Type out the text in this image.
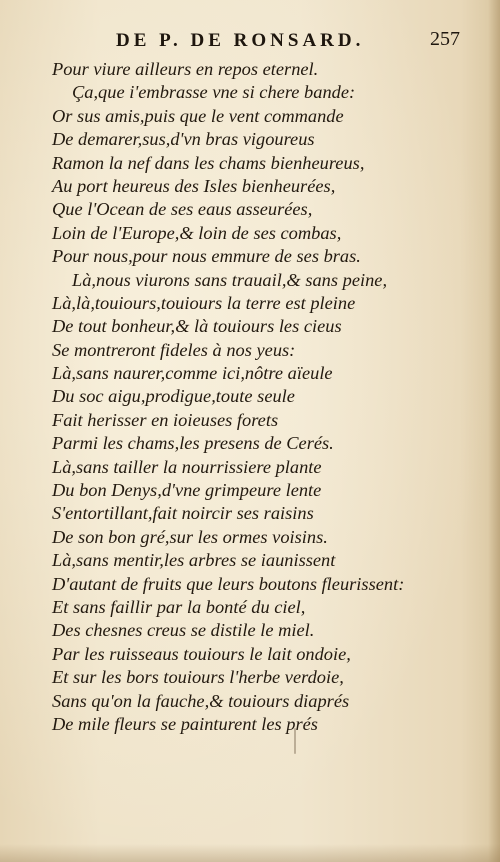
DE P. DE RONSARD.	257
Pour viure ailleurs en repos eternel.
Ça,que i'embrasse vne si chere bande:
Or sus amis,puis que le vent commande
De demarer,sus,d'vn bras vigoureus
Ramon la nef dans les chams bienheureus,
Au port heureus des Isles bienheurées,
Que l'Ocean de ses eaus asseurées,
Loin de l'Europe,& loin de ses combas,
Pour nous,pour nous emmure de ses bras.
Là,nous viurons sans trauail,& sans peine,
Là,là,touiours,touiours la terre est pleine
De tout bonheur,& là touiours les cieus
Se montreront fideles à nos yeus:
Là,sans naurer,comme ici,nôtre aïeule
Du soc aigu,prodigue,toute seule
Fait herisser en ioieuses forets
Parmi les chams,les presens de Cerés.
Là,sans tailler la nourrissiere plante
Du bon Denys,d'vne grimpeure lente
S'entortillant,fait noircir ses raisins
De son bon gré,sur les ormes voisins.
Là,sans mentir,les arbres se iaunissent
D'autant de fruits que leurs boutons fleurissent:
Et sans faillir par la bonté du ciel,
Des chesnes creus se distile le miel.
Par les ruisseaus touiours le lait ondoie,
Et sur les bors touiours l'herbe verdoie,
Sans qu'on la fauche,& touiours diaprés
De mile fleurs se painturent les prés
